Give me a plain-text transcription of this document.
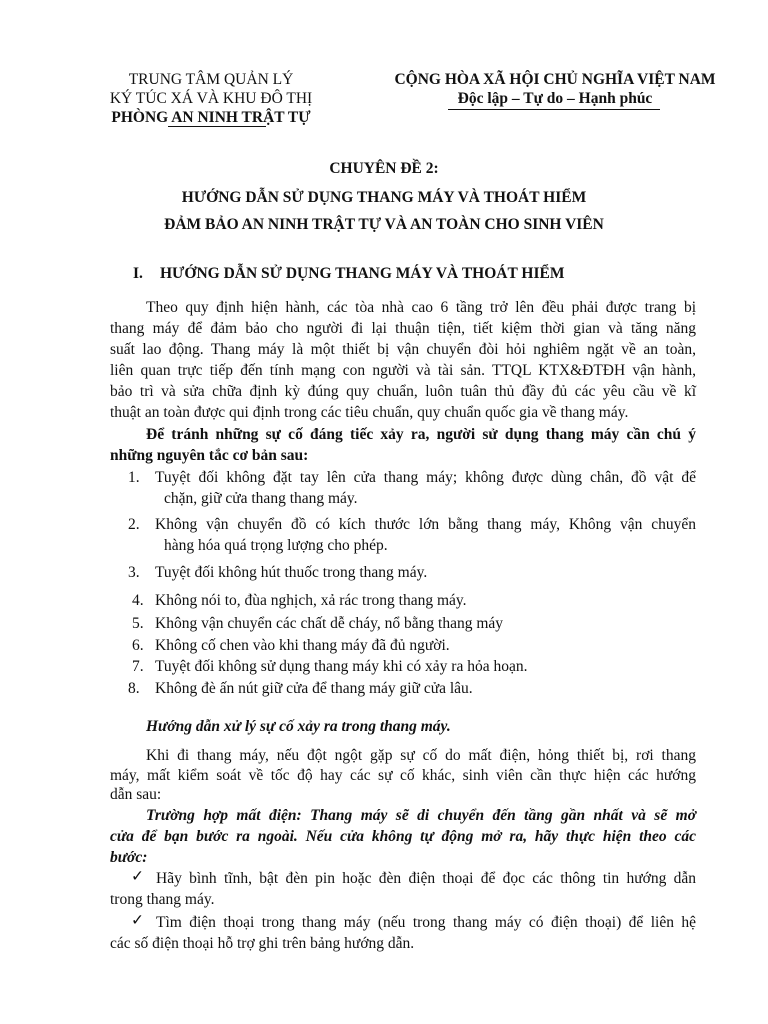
TRUNG TÂM QUẢN LÝ
KÝ TÚC XÁ VÀ KHU ĐÔ THỊ
PHÒNG AN NINH TRẬT TỰ
CỘNG HÒA XÃ HỘI CHỦ NGHĨA VIỆT NAM
Độc lập – Tự do – Hạnh phúc
CHUYÊN ĐỀ 2:
HƯỚNG DẪN SỬ DỤNG THANG MÁY VÀ THOÁT HIỂM
ĐẢM BẢO AN NINH TRẬT TỰ VÀ AN TOÀN CHO SINH VIÊN
I. HƯỚNG DẪN SỬ DỤNG THANG MÁY VÀ THOÁT HIỂM
Theo quy định hiện hành, các tòa nhà cao 6 tầng trở lên đều phải được trang bị
thang máy để đảm bảo cho người đi lại thuận tiện, tiết kiệm thời gian và tăng năng
suất lao động. Thang máy là một thiết bị vận chuyển đòi hỏi nghiêm ngặt về an toàn,
liên quan trực tiếp đến tính mạng con người và tài sản. TTQL KTX&ĐTĐH vận hành,
bảo trì và sửa chữa định kỳ đúng quy chuẩn, luôn tuân thủ đầy đủ các yêu cầu về kĩ
thuật an toàn được qui định trong các tiêu chuẩn, quy chuẩn quốc gia về thang máy.
Để tránh những sự cố đáng tiếc xảy ra, người sử dụng thang máy cần chú ý
những nguyên tắc cơ bản sau:
1. Tuyệt đối không đặt tay lên cửa thang máy; không được dùng chân, đồ vật để
chặn, giữ cửa thang thang máy.
2. Không vận chuyển đồ có kích thước lớn bằng thang máy, Không vận chuyển
hàng hóa quá trọng lượng cho phép.
3. Tuyệt đối không hút thuốc trong thang máy.
4. Không nói to, đùa nghịch, xả rác trong thang máy.
5. Không vận chuyển các chất dễ cháy, nổ bằng thang máy
6. Không cố chen vào khi thang máy đã đủ người.
7. Tuyệt đối không sử dụng thang máy khi có xảy ra hỏa hoạn.
8. Không đè ấn nút giữ cửa để thang máy giữ cửa lâu.
Hướng dẫn xử lý sự cố xảy ra trong thang máy.
Khi đi thang máy, nếu đột ngột gặp sự cố do mất điện, hỏng thiết bị, rơi thang
máy, mất kiểm soát về tốc độ hay các sự cố khác, sinh viên cần thực hiện các hướng
dẫn sau:
Trường hợp mất điện: Thang máy sẽ di chuyển đến tầng gần nhất và sẽ mở
cửa để bạn bước ra ngoài. Nếu cửa không tự động mở ra, hãy thực hiện theo các
bước:
✓ Hãy bình tĩnh, bật đèn pin hoặc đèn điện thoại để đọc các thông tin hướng dẫn
trong thang máy.
✓ Tìm điện thoại trong thang máy (nếu trong thang máy có điện thoại) để liên hệ
các số điện thoại hỗ trợ ghi trên bảng hướng dẫn.
